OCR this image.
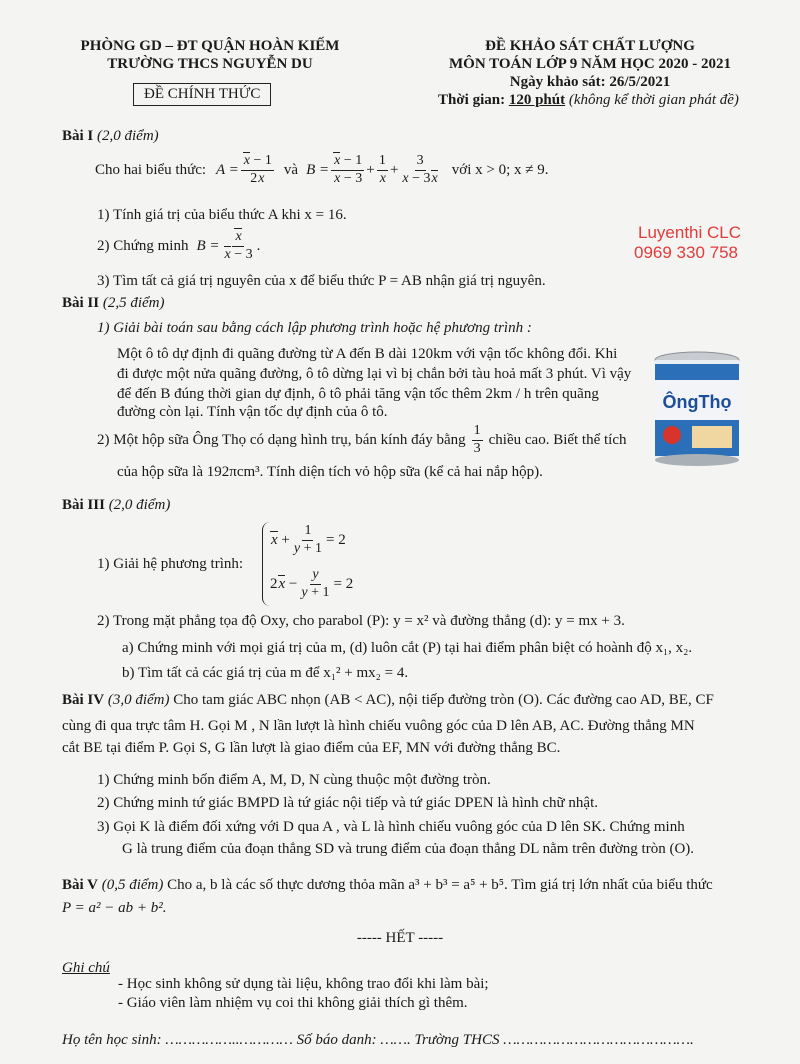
PHÒNG GD – ĐT QUẬN HOÀN KIẾM
TRƯỜNG THCS NGUYỄN DU
ĐỀ CHÍNH THỨC
ĐỀ KHẢO SÁT CHẤT LƯỢNG
MÔN TOÁN LỚP 9 NĂM HỌC 2020 - 2021
Ngày khảo sát: 26/5/2021
Thời gian: 120 phút (không kể thời gian phát đề)
Luyenthi CLC
0969 330 758
Bài I (2,0 điểm)
Cho hai biểu thức: $A = \frac{x - 1}{2x}$ và $B = \frac{x - 1}{x - 3} + \frac{1}{x} + \frac{3}{x - 3x}$ với x > 0; x ≠ 9.
1) Tính giá trị của biểu thức A khi x = 16.
2) Chứng minh $B = \frac{x}{x - 3}$ .
3) Tìm tất cả giá trị nguyên của x để biểu thức P = AB nhận giá trị nguyên.
Bài II (2,5 điểm)
1) Giải bài toán sau bằng cách lập phương trình hoặc hệ phương trình :
Một ô tô dự định đi quãng đường từ A đến B dài 120km với vận tốc không đổi. Khi
đi được một nửa quãng đường, ô tô dừng lại vì bị chắn bởi tàu hoả mất 3 phút. Vì vậy
để đến B đúng thời gian dự định, ô tô phải tăng vận tốc thêm 2km / h trên quãng
đường còn lại. Tính vận tốc dự định của ô tô.	ÔngThọ
2) Một hộp sữa Ông Thọ có dạng hình trụ, bán kính đáy bằng $\frac{1}{3}$ chiều cao. Biết thể tích
của hộp sữa là 192πcm³. Tính diện tích vỏ hộp sữa (kể cả hai nắp hộp).
Bài III (2,0 điểm)
1) Giải hệ phương trình:
$x + \frac{1}{y + 1} = 2$
2 $x - \frac{y}{y + 1} = 2$
2) Trong mặt phẳng tọa độ Oxy, cho parabol (P): y = x² và đường thẳng (d): y = mx + 3.
a) Chứng minh với mọi giá trị của m, (d) luôn cắt (P) tại hai điểm phân biệt có hoành độ x₁, x₂.
b) Tìm tất cả các giá trị của m để x₁² + mx₂ = 4.
Bài IV (3,0 điểm) Cho tam giác ABC nhọn (AB < AC), nội tiếp đường tròn (O). Các đường cao AD, BE, CF
cùng đi qua trực tâm H. Gọi M , N lần lượt là hình chiếu vuông góc của D lên AB, AC. Đường thẳng MN
cắt BE tại điểm P. Gọi S, G lần lượt là giao điểm của EF, MN với đường thẳng BC.
1) Chứng minh bốn điểm A, M, D, N cùng thuộc một đường tròn.
2) Chứng minh tứ giác BMPD là tứ giác nội tiếp và tứ giác DPEN là hình chữ nhật.
3) Gọi K là điểm đối xứng với D qua A , và L là hình chiếu vuông góc của D lên SK. Chứng minh
G là trung điểm của đoạn thẳng SD và trung điểm của đoạn thẳng DL nằm trên đường tròn (O).
Bài V (0,5 điểm) Cho a, b là các số thực dương thỏa mãn a³ + b³ = a⁵ + b⁵. Tìm giá trị lớn nhất của biểu thức
P = a² − ab + b².
----- HẾT -----
Ghi chú
- Học sinh không sử dụng tài liệu, không trao đổi khi làm bài;
- Giáo viên làm nhiệm vụ coi thi không giải thích gì thêm.
Họ tên học sinh: ……………..………… Số báo danh: ……. Trường THCS …………………………………….
